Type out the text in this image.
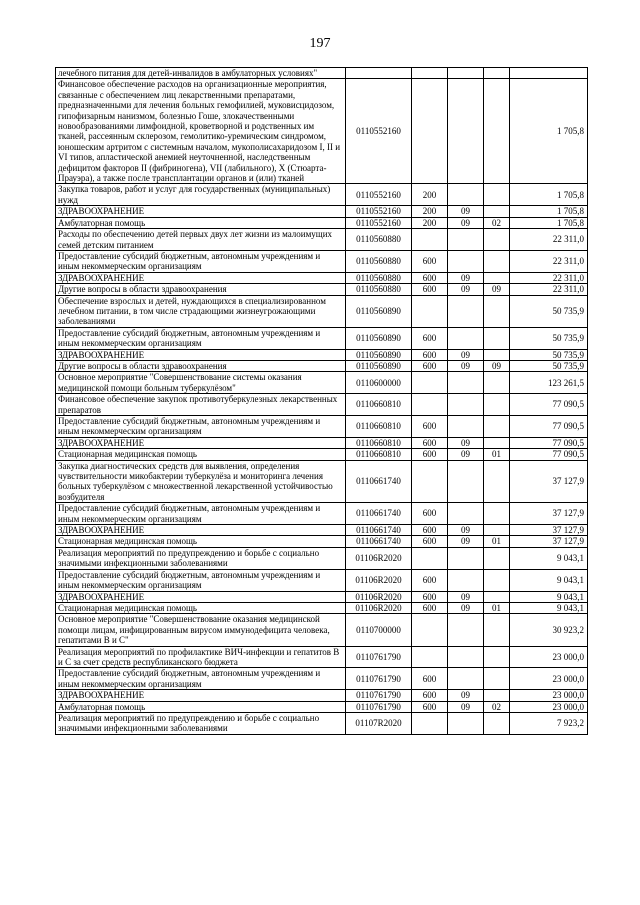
197
лечебного питания для детей-инвалидов в амбулаторных условиях"					
Финансовое обеспечение расходов на организационные мероприятия, связанные с обеспечением лиц лекарственными препаратами, предназначенными для лечения больных гемофилией, муковисцидозом, гипофизарным нанизмом, болезнью Гоше, злокачественными новообразованиями лимфоидной, кроветворной и родственных им тканей, рассеянным склерозом, гемолитико-уремическим синдромом, юношеским артритом с системным началом, мукополисахаридозом I, II и VI типов, апластической анемией неуточненной, наследственным дефицитом факторов II (фибриногена), VII (лабильного), X (Стюарта-Прауэра), а также после трансплантации органов и (или) тканей	0110552160				1 705,8
Закупка товаров, работ и услуг для государственных (муниципальных) нужд	0110552160	200			1 705,8
ЗДРАВООХРАНЕНИЕ	0110552160	200	09		1 705,8
Амбулаторная помощь	0110552160	200	09	02	1 705,8
Расходы по обеспечению детей первых двух лет жизни из малоимущих семей детским питанием	0110560880				22 311,0
Предоставление субсидий бюджетным, автономным учреждениям и иным некоммерческим организациям	0110560880	600			22 311,0
ЗДРАВООХРАНЕНИЕ	0110560880	600	09		22 311,0
Другие вопросы в области здравоохранения	0110560880	600	09	09	22 311,0
Обеспечение взрослых и детей, нуждающихся в специализированном лечебном питании, в том числе страдающими жизнеугрожающими заболеваниями	0110560890				50 735,9
Предоставление субсидий бюджетным, автономным учреждениям и иным некоммерческим организациям	0110560890	600			50 735,9
ЗДРАВООХРАНЕНИЕ	0110560890	600	09		50 735,9
Другие вопросы в области здравоохранения	0110560890	600	09	09	50 735,9
Основное мероприятие "Совершенствование системы оказания медицинской помощи больным туберкулёзом"	0110600000				123 261,5
Финансовое обеспечение закупок противотуберкулезных лекарственных препаратов	0110660810				77 090,5
Предоставление субсидий бюджетным, автономным учреждениям и иным некоммерческим организациям	0110660810	600			77 090,5
ЗДРАВООХРАНЕНИЕ	0110660810	600	09		77 090,5
Стационарная медицинская помощь	0110660810	600	09	01	77 090,5
Закупка диагностических средств для выявления, определения чувствительности микобактерии туберкулёза и мониторинга лечения больных туберкулёзом с множественной лекарственной устойчивостью возбудителя	0110661740				37 127,9
Предоставление субсидий бюджетным, автономным учреждениям и иным некоммерческим организациям	0110661740	600			37 127,9
ЗДРАВООХРАНЕНИЕ	0110661740	600	09		37 127,9
Стационарная медицинская помощь	0110661740	600	09	01	37 127,9
Реализация мероприятий по предупреждению и борьбе с социально значимыми инфекционными заболеваниями	01106R2020				9 043,1
Предоставление субсидий бюджетным, автономным учреждениям и иным некоммерческим организациям	01106R2020	600			9 043,1
ЗДРАВООХРАНЕНИЕ	01106R2020	600	09		9 043,1
Стационарная медицинская помощь	01106R2020	600	09	01	9 043,1
Основное мероприятие "Совершенствование оказания медицинской помощи лицам, инфицированным вирусом иммунодефицита человека, гепатитами B и C"	0110700000				30 923,2
Реализация мероприятий по профилактике ВИЧ-инфекции и гепатитов B и C за счет средств республиканского бюджета	0110761790				23 000,0
Предоставление субсидий бюджетным, автономным учреждениям и иным некоммерческим организациям	0110761790	600			23 000,0
ЗДРАВООХРАНЕНИЕ	0110761790	600	09		23 000,0
Амбулаторная помощь	0110761790	600	09	02	23 000,0
Реализация мероприятий по предупреждению и борьбе с социально значимыми инфекционными заболеваниями	01107R2020				7 923,2
